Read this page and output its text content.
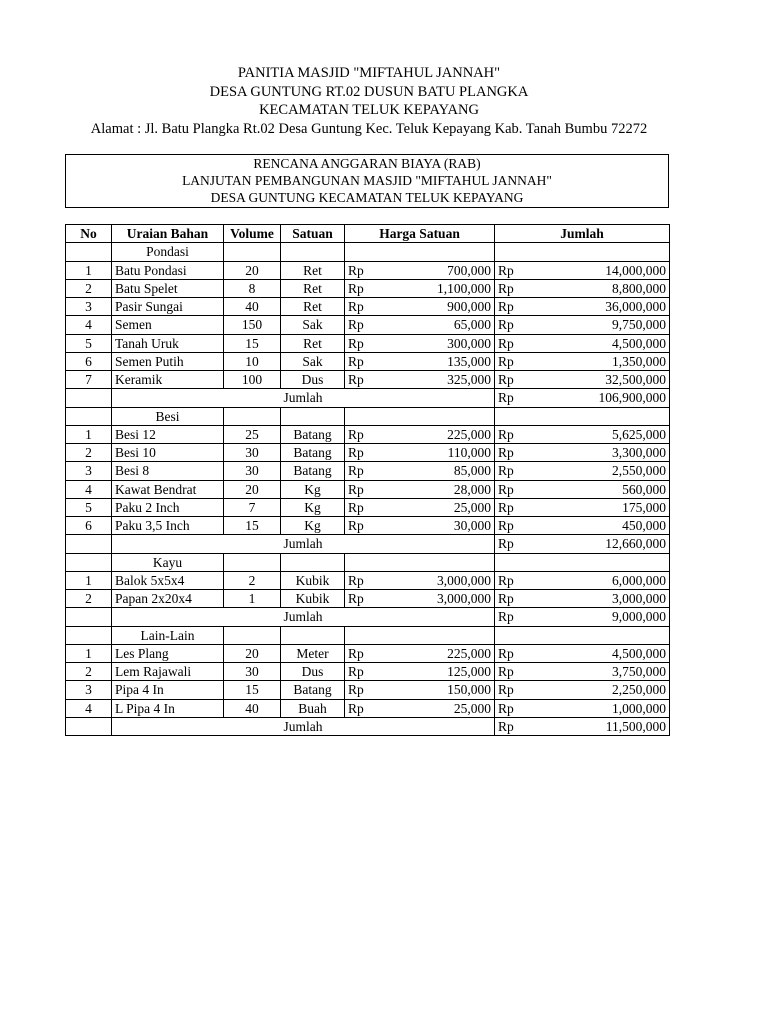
PANITIA MASJID "MIFTAHUL JANNAH"
DESA GUNTUNG RT.02 DUSUN BATU PLANGKA
KECAMATAN TELUK KEPAYANG
Alamat : Jl. Batu Plangka Rt.02 Desa Guntung Kec. Teluk Kepayang Kab. Tanah Bumbu 72272
RENCANA ANGGARAN BIAYA (RAB)
LANJUTAN PEMBANGUNAN MASJID "MIFTAHUL JANNAH"
DESA GUNTUNG KECAMATAN TELUK KEPAYANG
No	Uraian Bahan	Volume	Satuan	Harga Satuan		Jumlah	
	Pondasi						
1	Batu Pondasi	20	Ret	Rp	700,000	Rp	14,000,000
2	Batu Spelet	8	Ret	Rp	1,100,000	Rp	8,800,000
3	Pasir Sungai	40	Ret	Rp	900,000	Rp	36,000,000
4	Semen	150	Sak	Rp	65,000	Rp	9,750,000
5	Tanah Uruk	15	Ret	Rp	300,000	Rp	4,500,000
6	Semen Putih	10	Sak	Rp	135,000	Rp	1,350,000
7	Keramik	100	Dus	Rp	325,000	Rp	32,500,000
	Jumlah					Rp	106,900,000
	Besi						
1	Besi 12	25	Batang	Rp	225,000	Rp	5,625,000
2	Besi 10	30	Batang	Rp	110,000	Rp	3,300,000
3	Besi 8	30	Batang	Rp	85,000	Rp	2,550,000
4	Kawat Bendrat	20	Kg	Rp	28,000	Rp	560,000
5	Paku 2 Inch	7	Kg	Rp	25,000	Rp	175,000
6	Paku 3,5 Inch	15	Kg	Rp	30,000	Rp	450,000
	Jumlah					Rp	12,660,000
	Kayu						
1	Balok 5x5x4	2	Kubik	Rp	3,000,000	Rp	6,000,000
2	Papan 2x20x4	1	Kubik	Rp	3,000,000	Rp	3,000,000
	Jumlah					Rp	9,000,000
	Lain-Lain						
1	Les Plang	20	Meter	Rp	225,000	Rp	4,500,000
2	Lem Rajawali	30	Dus	Rp	125,000	Rp	3,750,000
3	Pipa 4 In	15	Batang	Rp	150,000	Rp	2,250,000
4	L Pipa 4 In	40	Buah	Rp	25,000	Rp	1,000,000
	Jumlah					Rp	11,500,000
